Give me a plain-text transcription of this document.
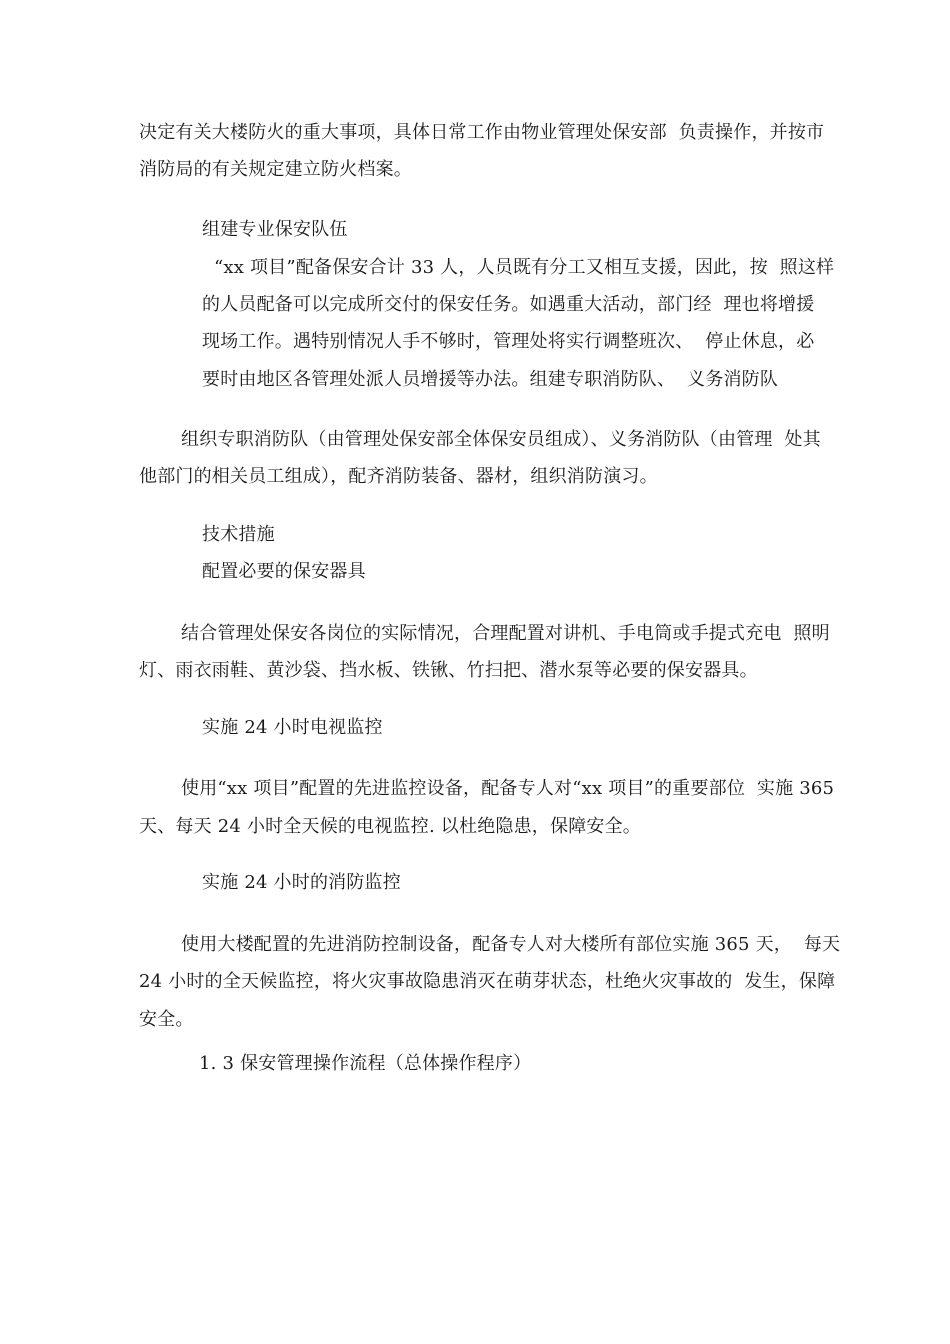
决定有关大楼防火的重大事项，具体日常工作由物业管理处保安部  负责操作，并按市
消防局的有关规定建立防火档案。
组建专业保安队伍
“xx 项目”配备保安合计 33 人，人员既有分工又相互支援，因此，按  照这样
的人员配备可以完成所交付的保安任务。如遇重大活动，部门经  理也将增援
现场工作。遇特别情况人手不够时，管理处将实行调整班次、  停止休息，必
要时由地区各管理处派人员增援等办法。组建专职消防队、  义务消防队
组织专职消防队（由管理处保安部全体保安员组成）、义务消防队（由管理  处其
他部门的相关员工组成），配齐消防装备、器材，组织消防演习。
技术措施
配置必要的保安器具
结合管理处保安各岗位的实际情况，合理配置对讲机、手电筒或手提式充电  照明
灯、雨衣雨鞋、黄沙袋、挡水板、铁锹、竹扫把、潜水泵等必要的保安器具。
实施 24 小时电视监控
使用“xx 项目”配置的先进监控设备，配备专人对“xx 项目”的重要部位  实施 365
天、每天 24 小时全天候的电视监控. 以杜绝隐患，保障安全。
实施 24 小时的消防监控
使用大楼配置的先进消防控制设备，配备专人对大楼所有部位实施 365 天，  每天
24 小时的全天候监控，将火灾事故隐患消灭在萌芽状态，杜绝火灾事故的  发生，保障
安全。
1. 3 保安管理操作流程（总体操作程序）
